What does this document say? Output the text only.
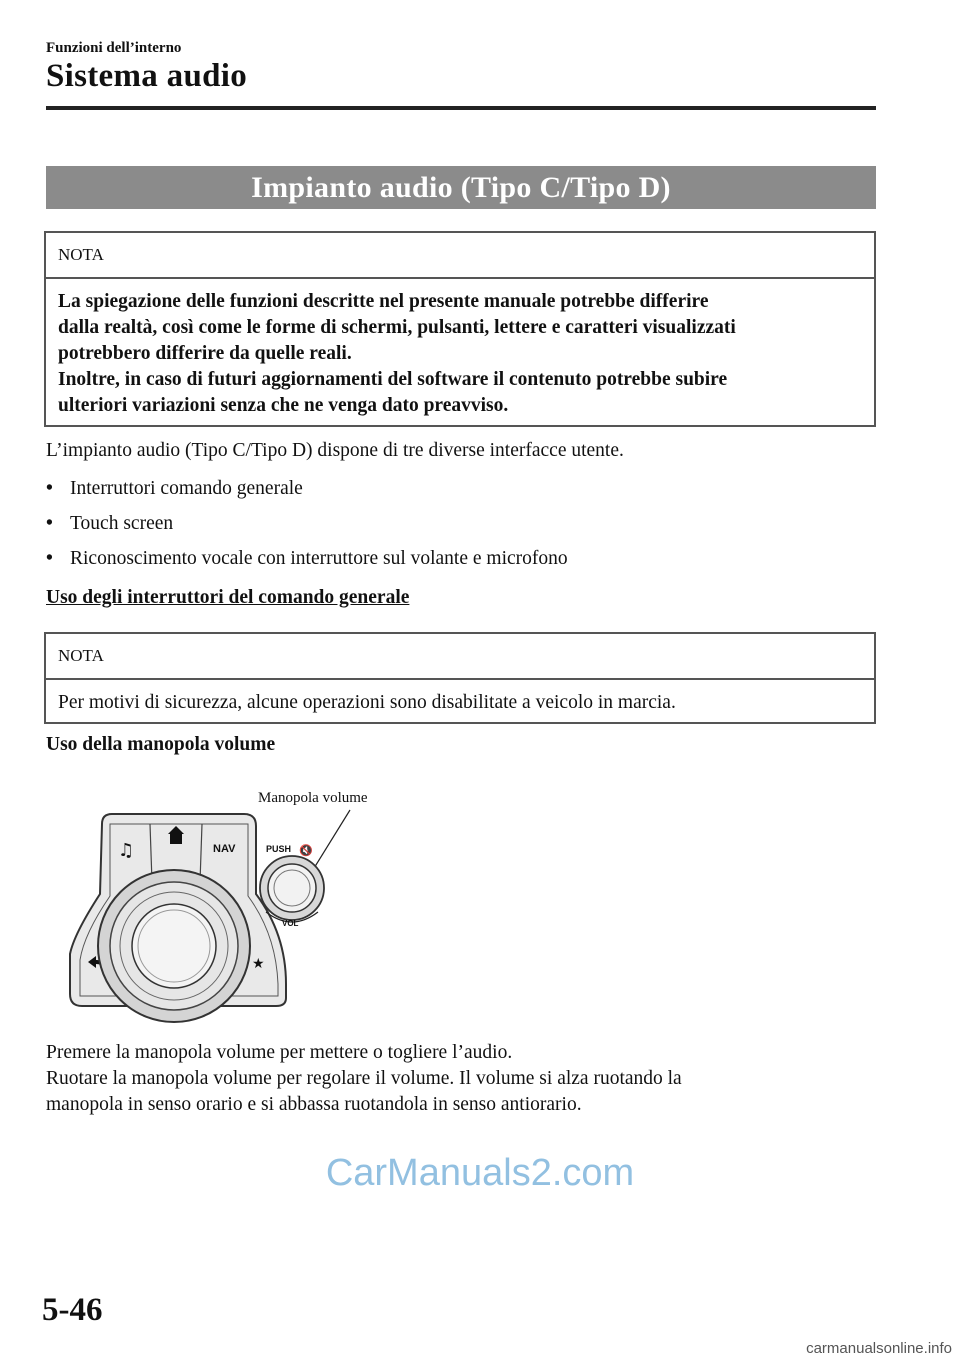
Funzioni dell’interno
Sistema audio
Impianto audio (Tipo C/Tipo D)
NOTA
La spiegazione delle funzioni descritte nel presente manuale potrebbe differire
dalla realtà, così come le forme di schermi, pulsanti, lettere e caratteri visualizzati
potrebbero differire da quelle reali.
Inoltre, in caso di futuri aggiornamenti del software il contenuto potrebbe subire
ulteriori variazioni senza che ne venga dato preavviso.
L’impianto audio (Tipo C/Tipo D) dispone di tre diverse interfacce utente.
• Interruttori comando generale
• Touch screen
• Riconoscimento vocale con interruttore sul volante e microfono
Uso degli interruttori del comando generale
NOTA
Per motivi di sicurezza, alcune operazioni sono disabilitate a veicolo in marcia.
Uso della manopola volume
Manopola volume
♫	NAV
★
PUSH 🔇
VOL
Premere la manopola volume per mettere o togliere l’audio.
Ruotare la manopola volume per regolare il volume. Il volume si alza ruotando la
manopola in senso orario e si abbassa ruotandola in senso antiorario.
CarManuals2.com
5-46
carmanualsonline.info
